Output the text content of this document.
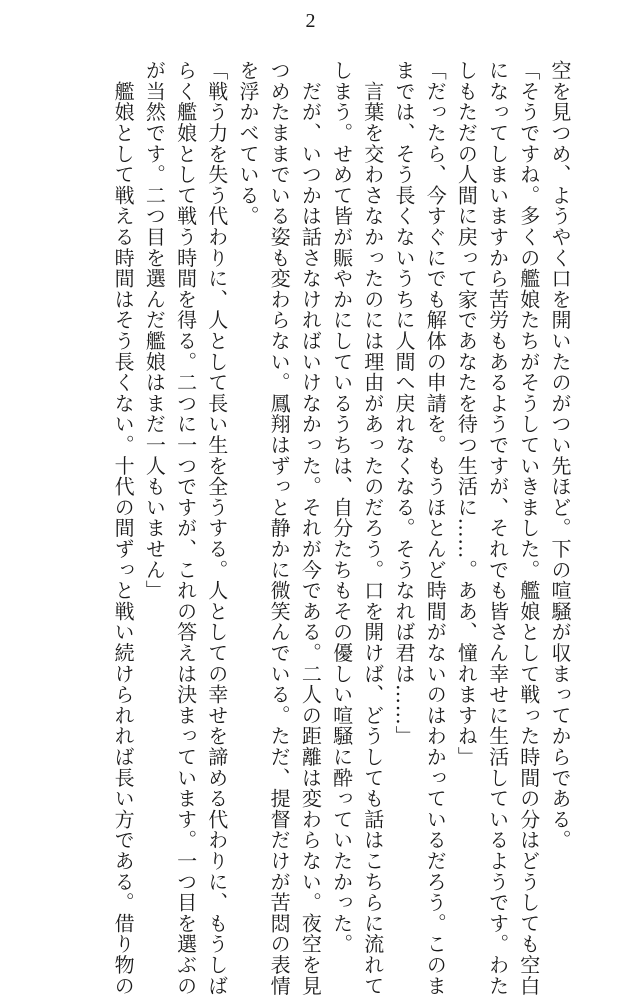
2
空を見つめ、ようやく口を開いたのがつい先ほど。下の喧騒が収まってからである。
「そうですね。多くの艦娘たちがそうしていきました。艦娘として戦った時間の分はどうしても空白
になってしまいますから苦労もあるようですが、それでも皆さん幸せに生活しているようです。わた
しもただの人間に戻って家であなたを待つ生活に……。ああ、憧れますね」
「だったら、今すぐにでも解体の申請を。もうほとんど時間がないのはわかっているだろう。このま
までは、そう長くないうちに人間へ戻れなくなる。そうなれば君は……」
　言葉を交わさなかったのには理由があったのだろう。口を開けば、どうしても話はこちらに流れて
しまう。せめて皆が賑やかにしているうちは、自分たちもその優しい喧騒に酔っていたかった。
　だが、いつかは話さなければいけなかった。それが今である。二人の距離は変わらない。夜空を見
つめたままでいる姿も変わらない。鳳翔はずっと静かに微笑んでいる。ただ、提督だけが苦悶の表情
を浮かべている。
「戦う力を失う代わりに、人として長い生を全うする。人としての幸せを諦める代わりに、もうしば
らく艦娘として戦う時間を得る。二つに一つですが、これの答えは決まっています。一つ目を選ぶの
が当然です。二つ目を選んだ艦娘はまだ一人もいません」
　艦娘として戦える時間はそう長くない。十代の間ずっと戦い続けられれば長い方である。借り物の
